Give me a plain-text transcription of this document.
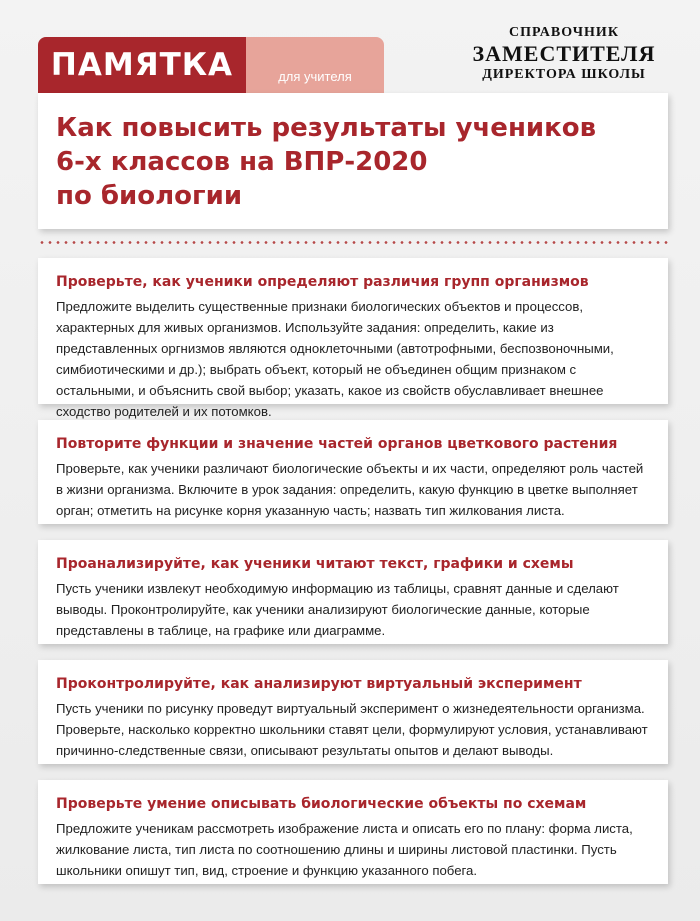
ПАМЯТКА	для учителя
СПРАВОЧНИК
ЗАМЕСТИТЕЛЯ
ДИРЕКТОРА ШКОЛЫ
Как повысить результаты учеников
6-х классов на ВПР-2020
по биологии
Проверьте, как ученики определяют различия групп организмов

Предложите выделить существенные признаки биологических объектов и процессов, характерных для живых организмов. Используйте задания: определить, какие из представленных оргнизмов являются одноклеточными (автотрофными, беспозвоночными, симбиотическими и др.); выбрать объект, который не объединен общим признаком с остальными, и объяснить свой выбор; указать, какое из свойств обуславливает внешнее сходство родителей и их потомков.

Повторите функции и значение частей органов цветкового растения

Проверьте, как ученики различают биологические объекты и их части, определяют роль частей в жизни организма. Включите в урок задания: определить, какую функцию в цветке выполняет орган; отметить на рисунке корня указанную часть; назвать тип жилкования листа.

Проанализируйте, как ученики читают текст, графики и схемы

Пусть ученики извлекут необходимую информацию из таблицы, сравнят данные и сделают выводы. Проконтролируйте, как ученики анализируют биологические данные, которые представлены в таблице, на графике или диаграмме.

Проконтролируйте, как анализируют виртуальный эксперимент

Пусть ученики по рисунку проведут виртуальный эксперимент о жизнедеятельности организма. Проверьте, насколько корректно школьники ставят цели, формулируют условия, устанавливают причинно-следственные связи, описывают результаты опытов и делают выводы.

Проверьте умение описывать биологические объекты по схемам

Предложите ученикам рассмотреть изображение листа и описать его по плану: форма листа, жилкование листа, тип листа по соотношению длины и ширины листовой пластинки. Пусть школьники опишут тип, вид, строение и функцию указанного побега.
